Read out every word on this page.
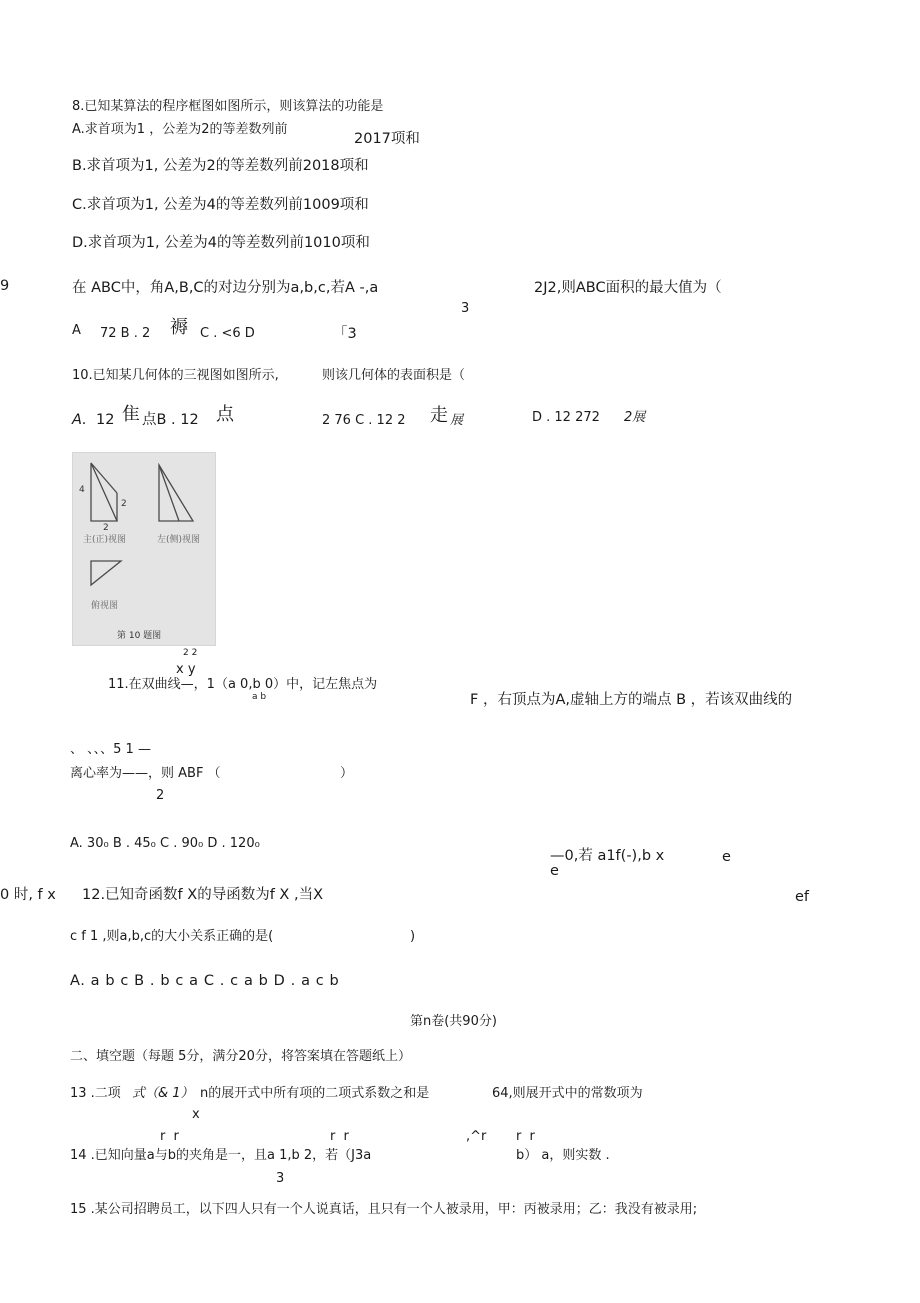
8.已知某算法的程序框图如图所示，则该算法的功能是
A.求首项为1 ，公差为2的等差数列前
2017项和
B.求首项为1, 公差为2的等差数列前2018项和
C.求首项为1, 公差为4的等差数列前1009项和
D.求首项为1, 公差为4的等差数列前1010项和
9	在 ABC中，角A,B,C的对边分别为a,b,c,若A -,a	2J2,则ABC面积的最大值为（
3
A 72 B . 2 褥 C . <6 D	「3
10.已知某几何体的三视图如图所示,	则该几何体的表面积是（
A. 12 隹 点B . 12 点	2 76 C . 12 2 走 展	D . 12 272 2展
4
2
2
主(正)视图	左(侧)视图
俯视图
第 10 题图
2 2
x y
11.在双曲线—，1（a 0,b 0）中，记左焦点为
a b	F ，右顶点为A,虚轴上方的端点 B ，若该双曲线的
、 、、、5 1 —
离心率为——，则 ABF （	）
2
A. 30₀ B . 45₀ C . 90₀ D . 120₀
—0,若 a1f(-),b x	e
e
0 时, f x 12.已知奇函数f X的导函数为f X ,当X	ef
c f 1 ,则a,b,c的大小关系正确的是(	)
A. a b c B . b c a C . c a b D . a c b
第n卷(共90分)
二、填空题（每题 5分，满分20分，将答案填在答题纸上）
13 .二项 式（& 1） n的展开式中所有项的二项式系数之和是	64,则展开式中的常数项为
x
r r	r r	,^r r r
14 .已知向量a与b的夹角是一，且a 1,b 2，若（J3a	b） a，则实数 .
3
15 .某公司招聘员工，以下四人只有一个人说真话，且只有一个人被录用，甲：丙被录用；乙：我没有被录用;
